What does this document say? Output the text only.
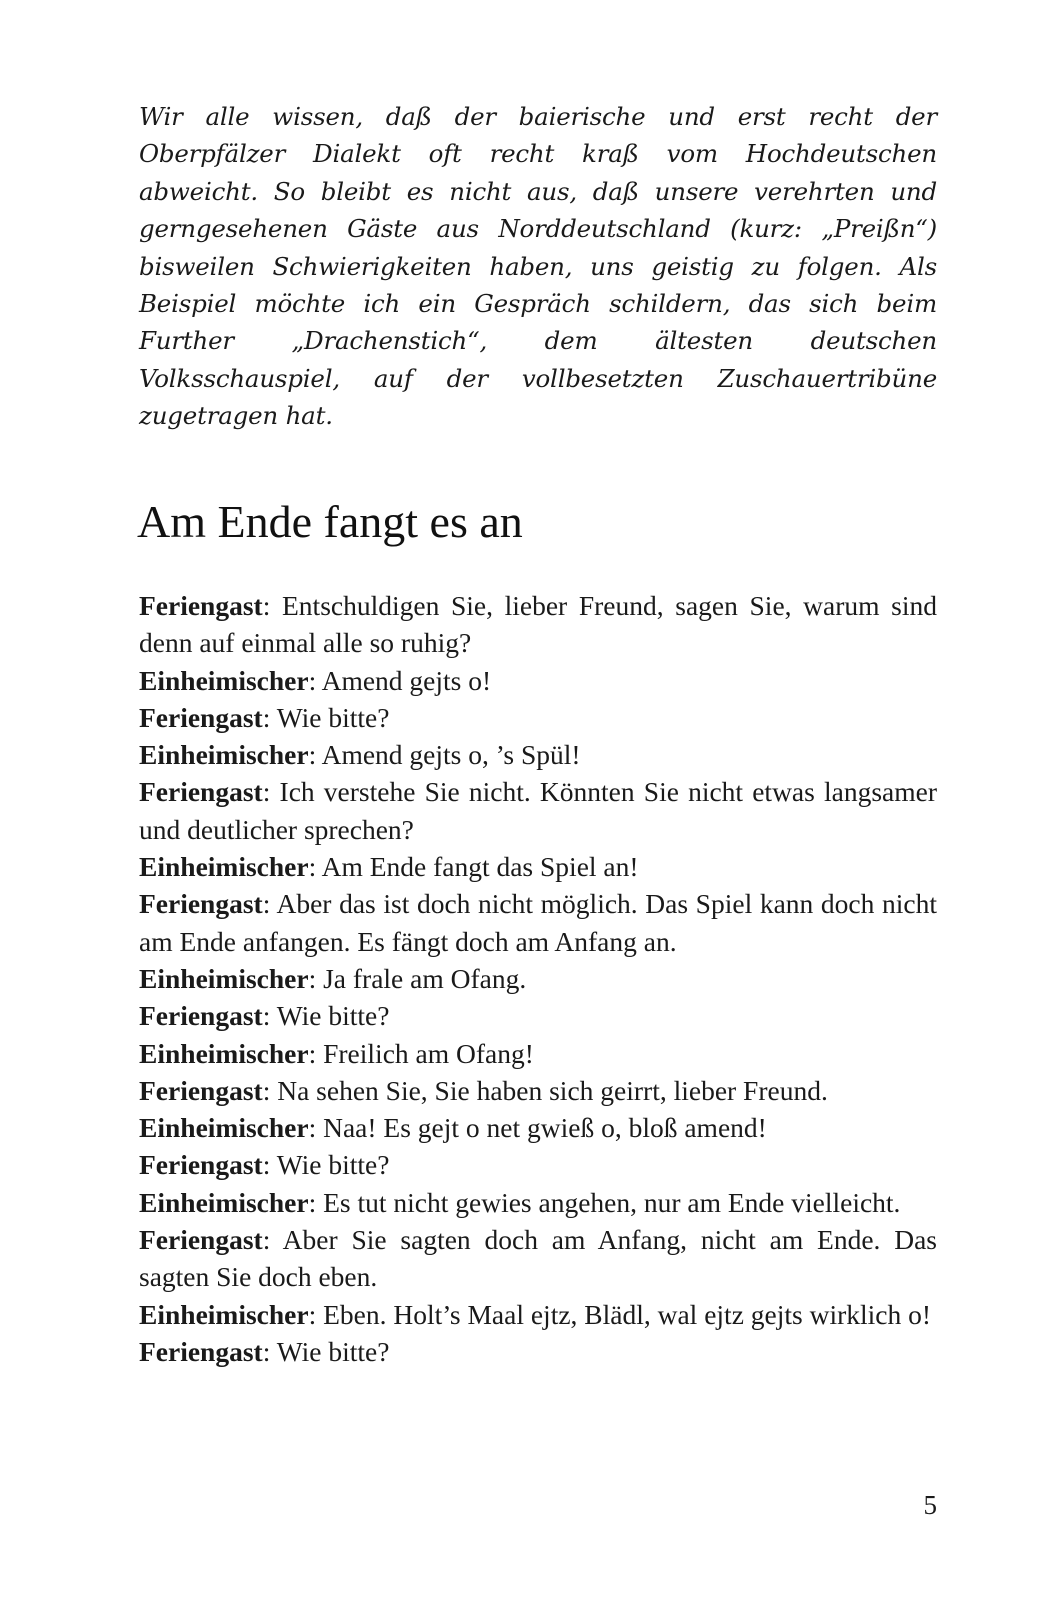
Wir alle wissen, daß der baierische und erst recht der Oberpfälzer Dialekt oft recht kraß vom Hochdeutschen abweicht. So bleibt es nicht aus, daß unsere verehrten und gerngesehenen Gäste aus Norddeutschland (kurz: „Preißn“) bisweilen Schwierigkeiten haben, uns geistig zu folgen. Als Beispiel möchte ich ein Gespräch schildern, das sich beim Further „Drachenstich“, dem ältesten deutschen Volksschauspiel, auf der vollbesetzten Zuschauertribüne zugetragen hat.

Am Ende fangt es an

Feriengast: Entschuldigen Sie, lieber Freund, sagen Sie, warum sind denn auf einmal alle so ruhig?

Einheimischer: Amend gejts o!

Feriengast: Wie bitte?

Einheimischer: Amend gejts o, ’s Spül!

Feriengast: Ich verstehe Sie nicht. Könnten Sie nicht etwas langsamer und deutlicher sprechen?

Einheimischer: Am Ende fangt das Spiel an!

Feriengast: Aber das ist doch nicht möglich. Das Spiel kann doch nicht am Ende anfangen. Es fängt doch am Anfang an.

Einheimischer: Ja frale am Ofang.

Feriengast: Wie bitte?

Einheimischer: Freilich am Ofang!

Feriengast: Na sehen Sie, Sie haben sich geirrt, lieber Freund.

Einheimischer: Naa! Es gejt o net gwieß o, bloß amend!

Feriengast: Wie bitte?

Einheimischer: Es tut nicht gewies angehen, nur am Ende vielleicht.

Feriengast: Aber Sie sagten doch am Anfang, nicht am Ende. Das sagten Sie doch eben.

Einheimischer: Eben. Holt’s Maal ejtz, Blädl, wal ejtz gejts wirklich o!

Feriengast: Wie bitte?

5
